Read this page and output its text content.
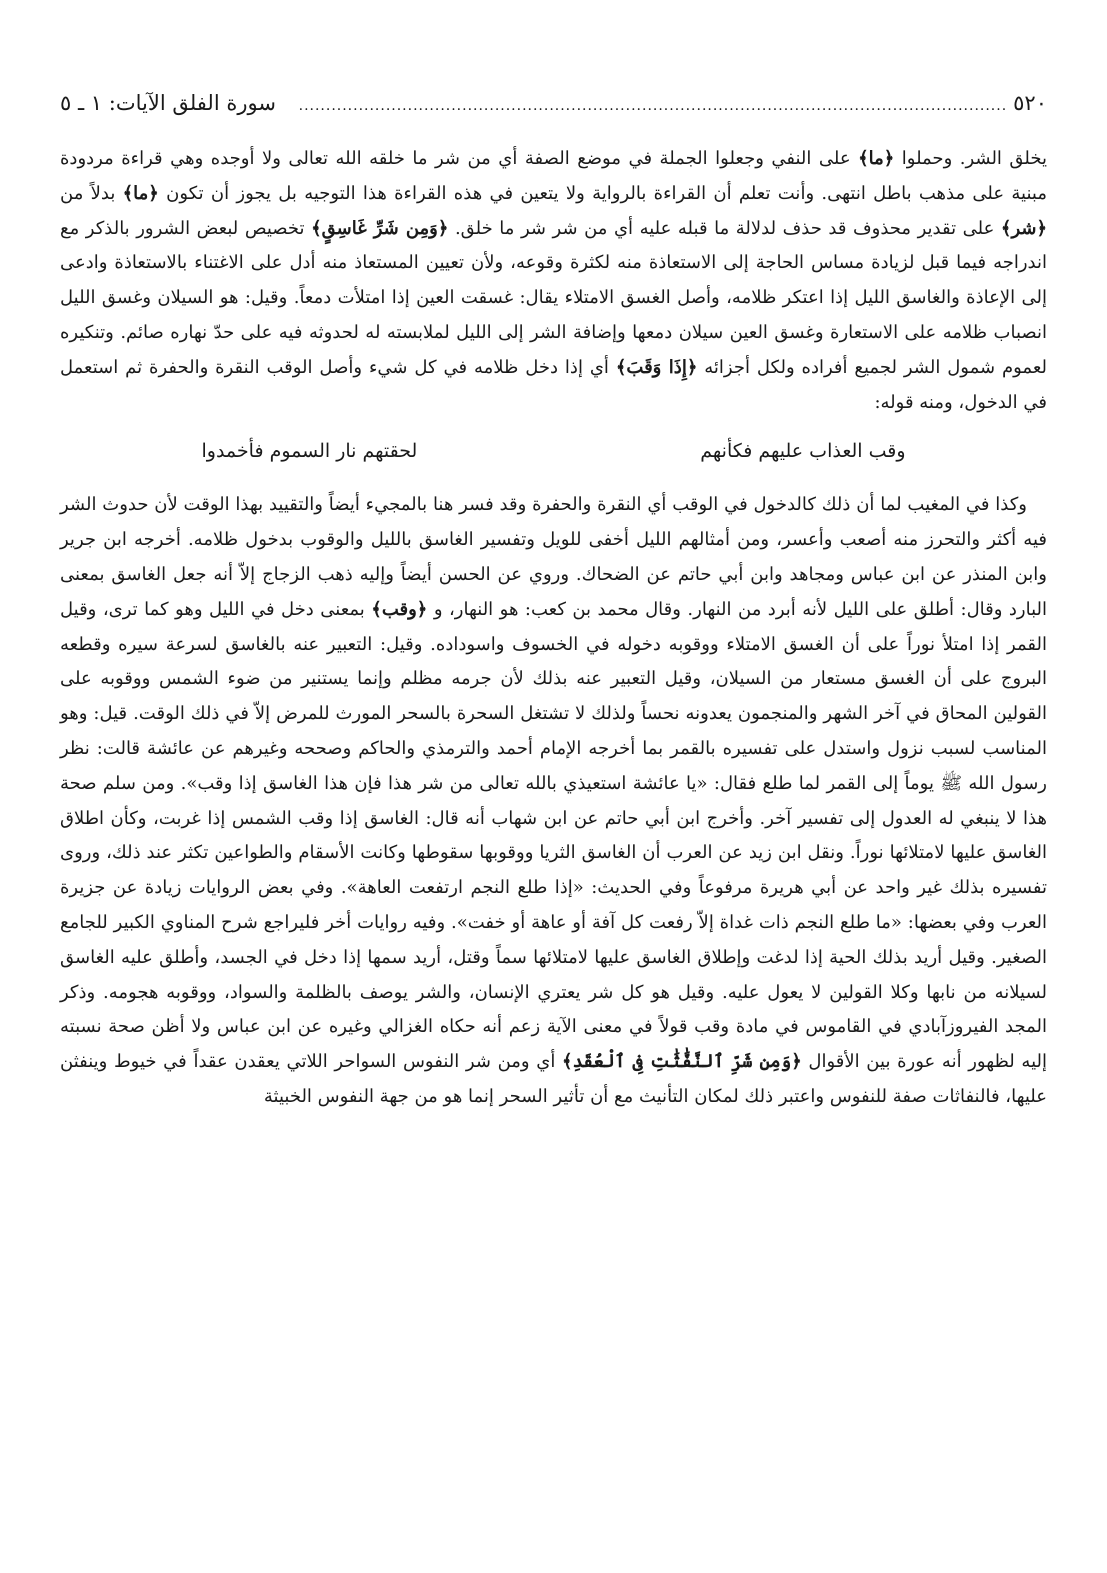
٥٢٠
..................................................................................................................................
سورة الفلق الآيات: ١ ـ ٥

يخلق الشر. وحملوا ﴿ما﴾ على النفي وجعلوا الجملة في موضع الصفة أي من شر ما خلقه الله تعالى ولا أوجده وهي قراءة مردودة مبنية على مذهب باطل انتهى. وأنت تعلم أن القراءة بالرواية ولا يتعين في هذه القراءة هذا التوجيه بل يجوز أن تكون ﴿ما﴾ بدلاً من ﴿شر﴾ على تقدير محذوف قد حذف لدلالة ما قبله عليه أي من شر شر ما خلق. ﴿وَمِن شَرِّ غَاسِقٍ﴾ تخصيص لبعض الشرور بالذكر مع اندراجه فيما قبل لزيادة مساس الحاجة إلى الاستعاذة منه لكثرة وقوعه، ولأن تعيين المستعاذ منه أدل على الاغتناء بالاستعاذة وادعى إلى الإعاذة والغاسق الليل إذا اعتكر ظلامه، وأصل الغسق الامتلاء يقال: غسقت العين إذا امتلأت دمعاً. وقيل: هو السيلان وغسق الليل انصباب ظلامه على الاستعارة وغسق العين سيلان دمعها وإضافة الشر إلى الليل لملابسته له لحدوثه فيه على حدّ نهاره صائم. وتنكيره لعموم شمول الشر لجميع أفراده ولكل أجزائه ﴿إِذَا وَقَبَ﴾ أي إذا دخل ظلامه في كل شيء وأصل الوقب النقرة والحفرة ثم استعمل في الدخول، ومنه قوله:

وقب العذاب عليهم فكأنهم
لحقتهم نار السموم فأخمدوا

وكذا في المغيب لما أن ذلك كالدخول في الوقب أي النقرة والحفرة وقد فسر هنا بالمجيء أيضاً والتقييد بهذا الوقت لأن حدوث الشر فيه أكثر والتحرز منه أصعب وأعسر، ومن أمثالهم الليل أخفى للويل وتفسير الغاسق بالليل والوقوب بدخول ظلامه. أخرجه ابن جرير وابن المنذر عن ابن عباس ومجاهد وابن أبي حاتم عن الضحاك. وروي عن الحسن أيضاً وإليه ذهب الزجاج إلاّ أنه جعل الغاسق بمعنى البارد وقال: أطلق على الليل لأنه أبرد من النهار. وقال محمد بن كعب: هو النهار، و ﴿وقب﴾ بمعنى دخل في الليل وهو كما ترى، وقيل القمر إذا امتلأ نوراً على أن الغسق الامتلاء ووقوبه دخوله في الخسوف واسوداده. وقيل: التعبير عنه بالغاسق لسرعة سيره وقطعه البروج على أن الغسق مستعار من السيلان، وقيل التعبير عنه بذلك لأن جرمه مظلم وإنما يستنير من ضوء الشمس ووقوبه على القولين المحاق في آخر الشهر والمنجمون يعدونه نحساً ولذلك لا تشتغل السحرة بالسحر المورث للمرض إلاّ في ذلك الوقت. قيل: وهو المناسب لسبب نزول واستدل على تفسيره بالقمر بما أخرجه الإمام أحمد والترمذي والحاكم وصححه وغيرهم عن عائشة قالت: نظر رسول الله ﷺ يوماً إلى القمر لما طلع فقال: «يا عائشة استعيذي بالله تعالى من شر هذا فإن هذا الغاسق إذا وقب». ومن سلم صحة هذا لا ينبغي له العدول إلى تفسير آخر. وأخرج ابن أبي حاتم عن ابن شهاب أنه قال: الغاسق إذا وقب الشمس إذا غربت، وكأن اطلاق الغاسق عليها لامتلائها نوراً. ونقل ابن زيد عن العرب أن الغاسق الثريا ووقوبها سقوطها وكانت الأسقام والطواعين تكثر عند ذلك، وروى تفسيره بذلك غير واحد عن أبي هريرة مرفوعاً وفي الحديث: «إذا طلع النجم ارتفعت العاهة». وفي بعض الروايات زيادة عن جزيرة العرب وفي بعضها: «ما طلع النجم ذات غداة إلاّ رفعت كل آفة أو عاهة أو خفت». وفيه روايات أخر فليراجع شرح المناوي الكبير للجامع الصغير. وقيل أريد بذلك الحية إذا لدغت وإطلاق الغاسق عليها لامتلائها سماً وقتل، أريد سمها إذا دخل في الجسد، وأطلق عليه الغاسق لسيلانه من نابها وكلا القولين لا يعول عليه. وقيل هو كل شر يعتري الإنسان، والشر يوصف بالظلمة والسواد، ووقوبه هجومه. وذكر المجد الفيروزآبادي في القاموس في مادة وقب قولاً في معنى الآية زعم أنه حكاه الغزالي وغيره عن ابن عباس ولا أظن صحة نسبته إليه لظهور أنه عورة بين الأقوال ﴿وَمِن شَرِّ ٱلنَّفَّٰثَٰتِ فِى ٱلْعُقَدِ﴾ أي ومن شر النفوس السواحر اللاتي يعقدن عقداً في خيوط وينفثن عليها، فالنفاثات صفة للنفوس واعتبر ذلك لمكان التأنيث مع أن تأثير السحر إنما هو من جهة النفوس الخبيثة
